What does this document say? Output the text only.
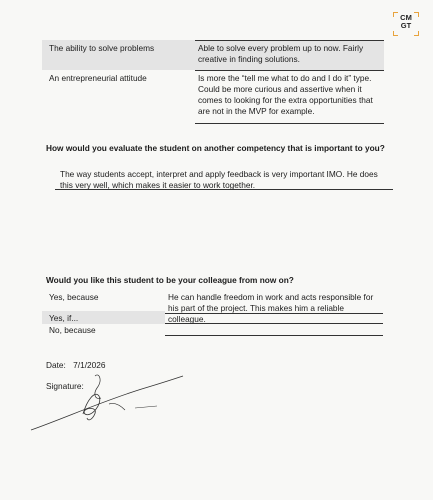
CM
GT
The ability to solve problems	Able to solve every problem up to now. Fairly creative in finding solutions.
An entrepreneurial attitude	Is more the “tell me what to do and I do it” type. Could be more curious and assertive when it comes to looking for the extra opportunities that are not in the MVP for example.
How would you evaluate the student on another competency that is important to you?
The way students accept, interpret and apply feedback is very important IMO. He does this very well, which makes it easier to work together.
Would you like this student to be your colleague from now on?
Yes, because	He can handle freedom in work and acts responsible for his part of the project. This makes him a reliable colleague.
Yes, if...
No, because
Date: 7/1/2026
Signature:
